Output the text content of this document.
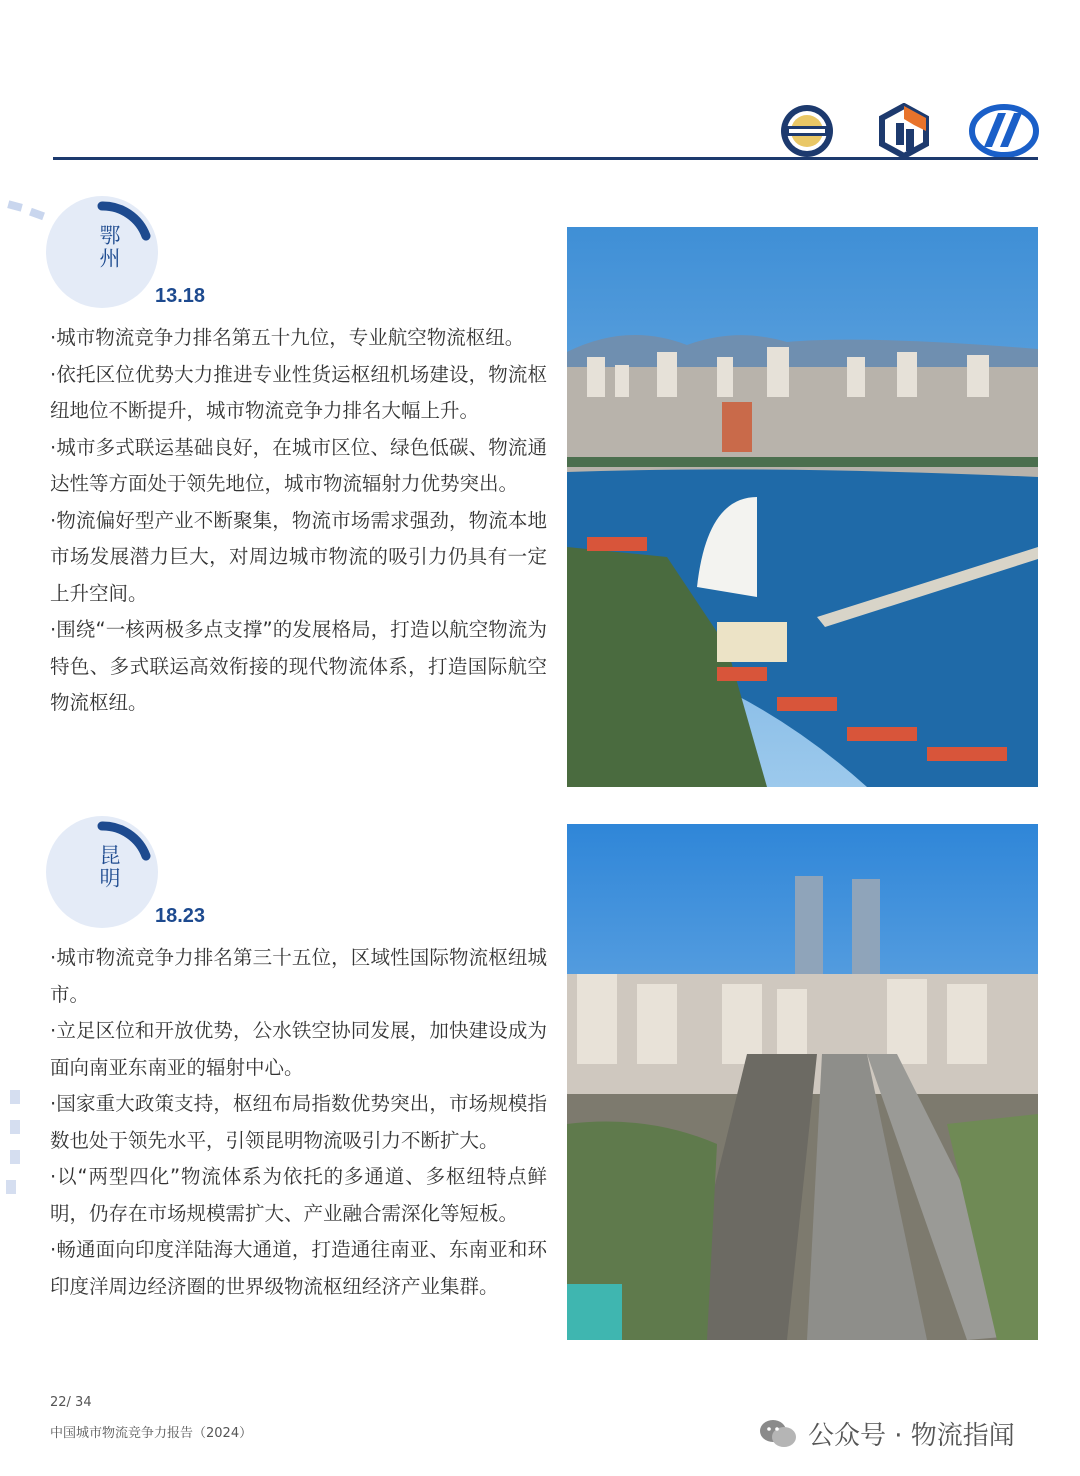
鄂州
13.18

·城市物流竞争力排名第五十九位，专业航空物流枢纽。

·依托区位优势大力推进专业性货运枢纽机场建设，物流枢纽地位不断提升，城市物流竞争力排名大幅上升。

·城市多式联运基础良好，在城市区位、绿色低碳、物流通达性等方面处于领先地位，城市物流辐射力优势突出。

·物流偏好型产业不断聚集，物流市场需求强劲，物流本地市场发展潜力巨大，对周边城市物流的吸引力仍具有一定上升空间。

·围绕“一核两极多点支撑”的发展格局，打造以航空物流为特色、多式联运高效衔接的现代物流体系，打造国际航空物流枢纽。

昆明
18.23

·城市物流竞争力排名第三十五位，区域性国际物流枢纽城市。

·立足区位和开放优势，公水铁空协同发展，加快建设成为面向南亚东南亚的辐射中心。

·国家重大政策支持，枢纽布局指数优势突出，市场规模指数也处于领先水平，引领昆明物流吸引力不断扩大。

·以“两型四化”物流体系为依托的多通道、多枢纽特点鲜明，仍存在市场规模需扩大、产业融合需深化等短板。

·畅通面向印度洋陆海大通道，打造通往南亚、东南亚和环印度洋周边经济圈的世界级物流枢纽经济产业集群。

22/ 34
中国城市物流竞争力报告（2024）	公众号 · 物流指闻
